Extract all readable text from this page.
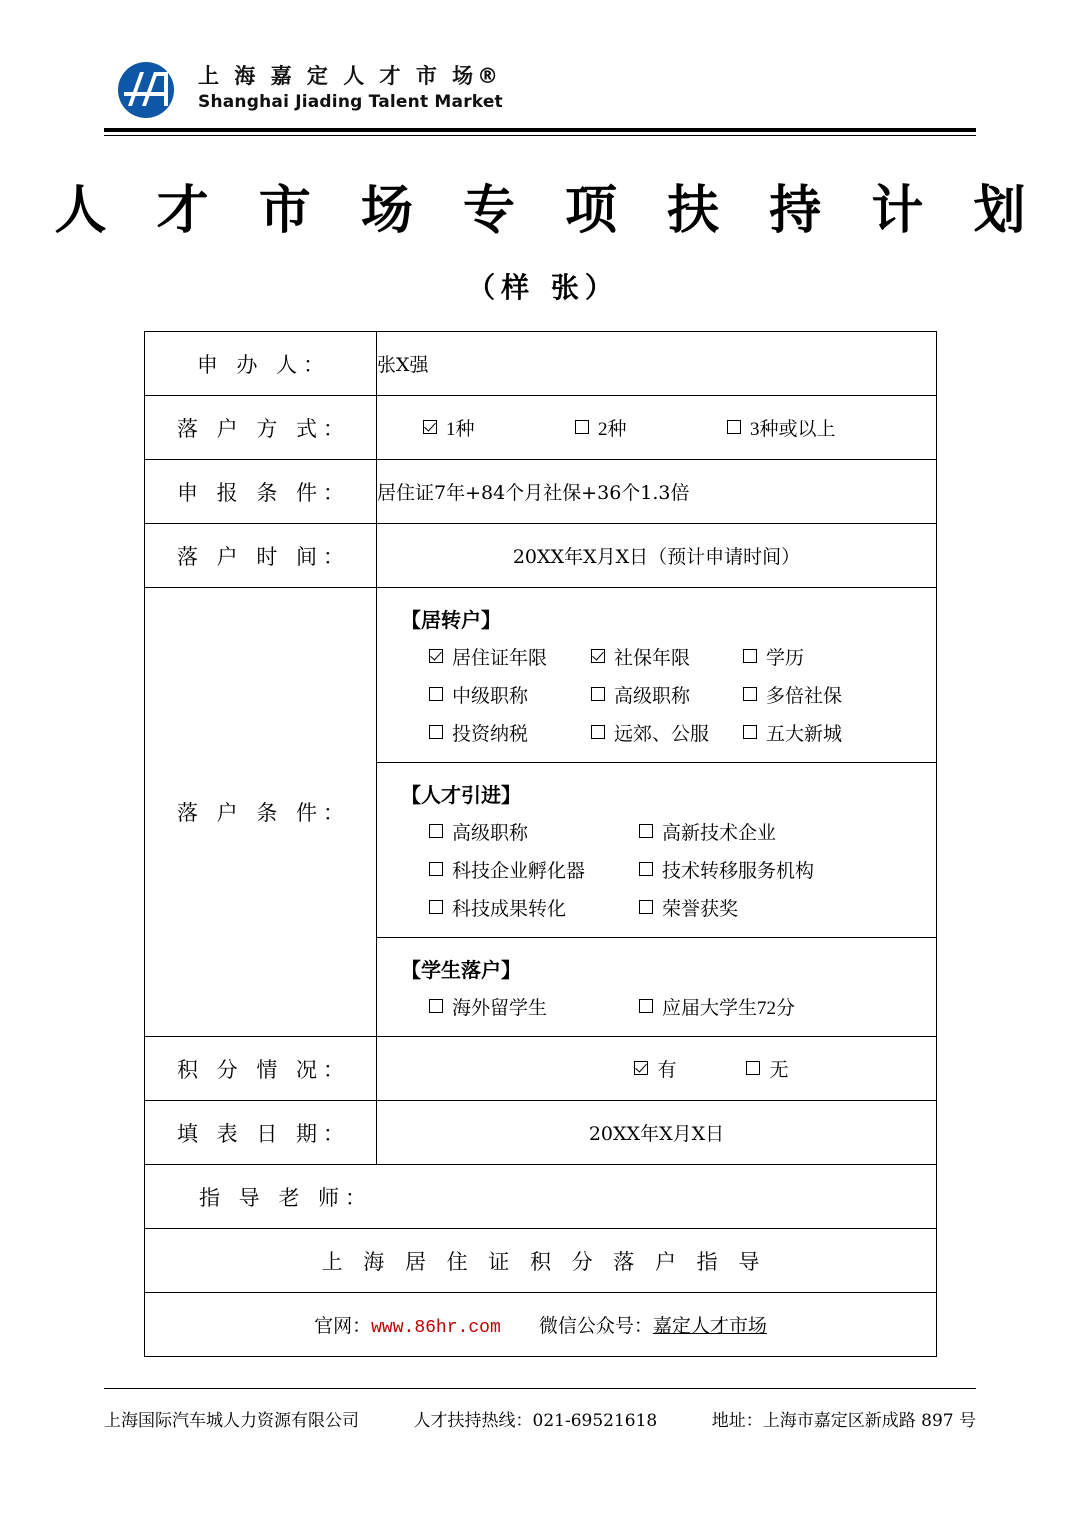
上 海 嘉 定 人 才 市 场®
Shanghai Jiading Talent Market
人 才 市 场 专 项 扶 持 计 划
（样 张）
申 办 人：	张X强
落 户 方 式：	1种 2种 3种或以上

申 报 条 件：	居住证7年+84个月社保+36个1.3倍
落 户 时 间：	20XX年X月X日（预计申请时间）
落 户 条 件：	
【居转户】
居住证年限	社保年限	学历
中级职称	高级职称	多倍社保
投资纳税	远郊、公服	五大新城
【人才引进】
高级职称	高新技术企业
科技企业孵化器	技术转移服务机构
科技成果转化	荣誉获奖
【学生落户】
海外留学生	应届大学生72分

积 分 情 况：	有 无

填 表 日 期：	20XX年X月X日
指 导 老 师：	
上 海 居 住 证 积 分 落 户 指 导	
官网：www.86hr.com 微信公众号：嘉定人才市场	
上海国际汽车城人力资源有限公司	人才扶持热线：021-69521618	地址：上海市嘉定区新成路 897 号
